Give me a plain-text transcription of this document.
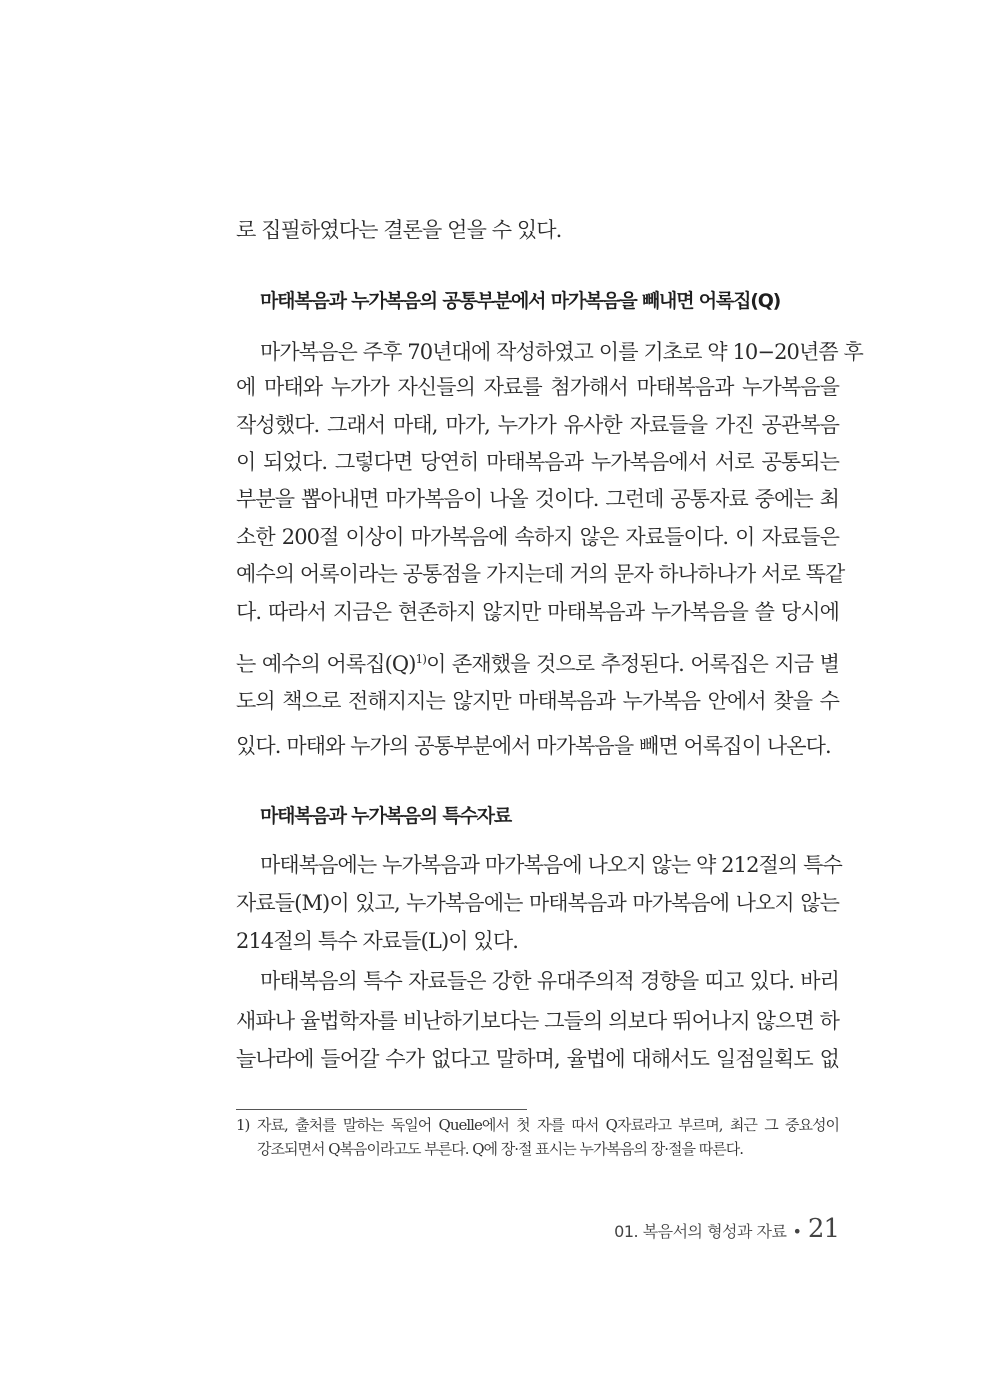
로 집필하였다는 결론을 얻을 수 있다.
마태복음과 누가복음의 공통부분에서 마가복음을 빼내면 어록집(Q)
마가복음은 주후 70년대에 작성하였고 이를 기초로 약 10−20년쯤 후
에 마태와 누가가 자신들의 자료를 첨가해서 마태복음과 누가복음을
작성했다. 그래서 마태, 마가, 누가가 유사한 자료들을 가진 공관복음
이 되었다. 그렇다면 당연히 마태복음과 누가복음에서 서로 공통되는
부분을 뽑아내면 마가복음이 나올 것이다. 그런데 공통자료 중에는 최
소한 200절 이상이 마가복음에 속하지 않은 자료들이다. 이 자료들은
예수의 어록이라는 공통점을 가지는데 거의 문자 하나하나가 서로 똑같
다. 따라서 지금은 현존하지 않지만 마태복음과 누가복음을 쓸 당시에
는 예수의 어록집$(Q)^{1)}$이 존재했을 것으로 추정된다. 어록집은 지금 별
도의 책으로 전해지지는 않지만 마태복음과 누가복음 안에서 찾을 수
있다. 마태와 누가의 공통부분에서 마가복음을 빼면 어록집이 나온다.
마태복음과 누가복음의 특수자료
마태복음에는 누가복음과 마가복음에 나오지 않는 약 212절의 특수
자료들(M)이 있고, 누가복음에는 마태복음과 마가복음에 나오지 않는
214절의 특수 자료들(L)이 있다.
마태복음의 특수 자료들은 강한 유대주의적 경향을 띠고 있다. 바리
새파나 율법학자를 비난하기보다는 그들의 의보다 뛰어나지 않으면 하
늘나라에 들어갈 수가 없다고 말하며, 율법에 대해서도 일점일획도 없
1) 자료, 출처를 말하는 독일어 Quelle에서 첫 자를 따서 Q자료라고 부르며, 최근 그 중요성이
강조되면서 Q복음이라고도 부른다. Q에 장·절 표시는 누가복음의 장·절을 따른다.
01. 복음서의 형성과 자료 • 21
